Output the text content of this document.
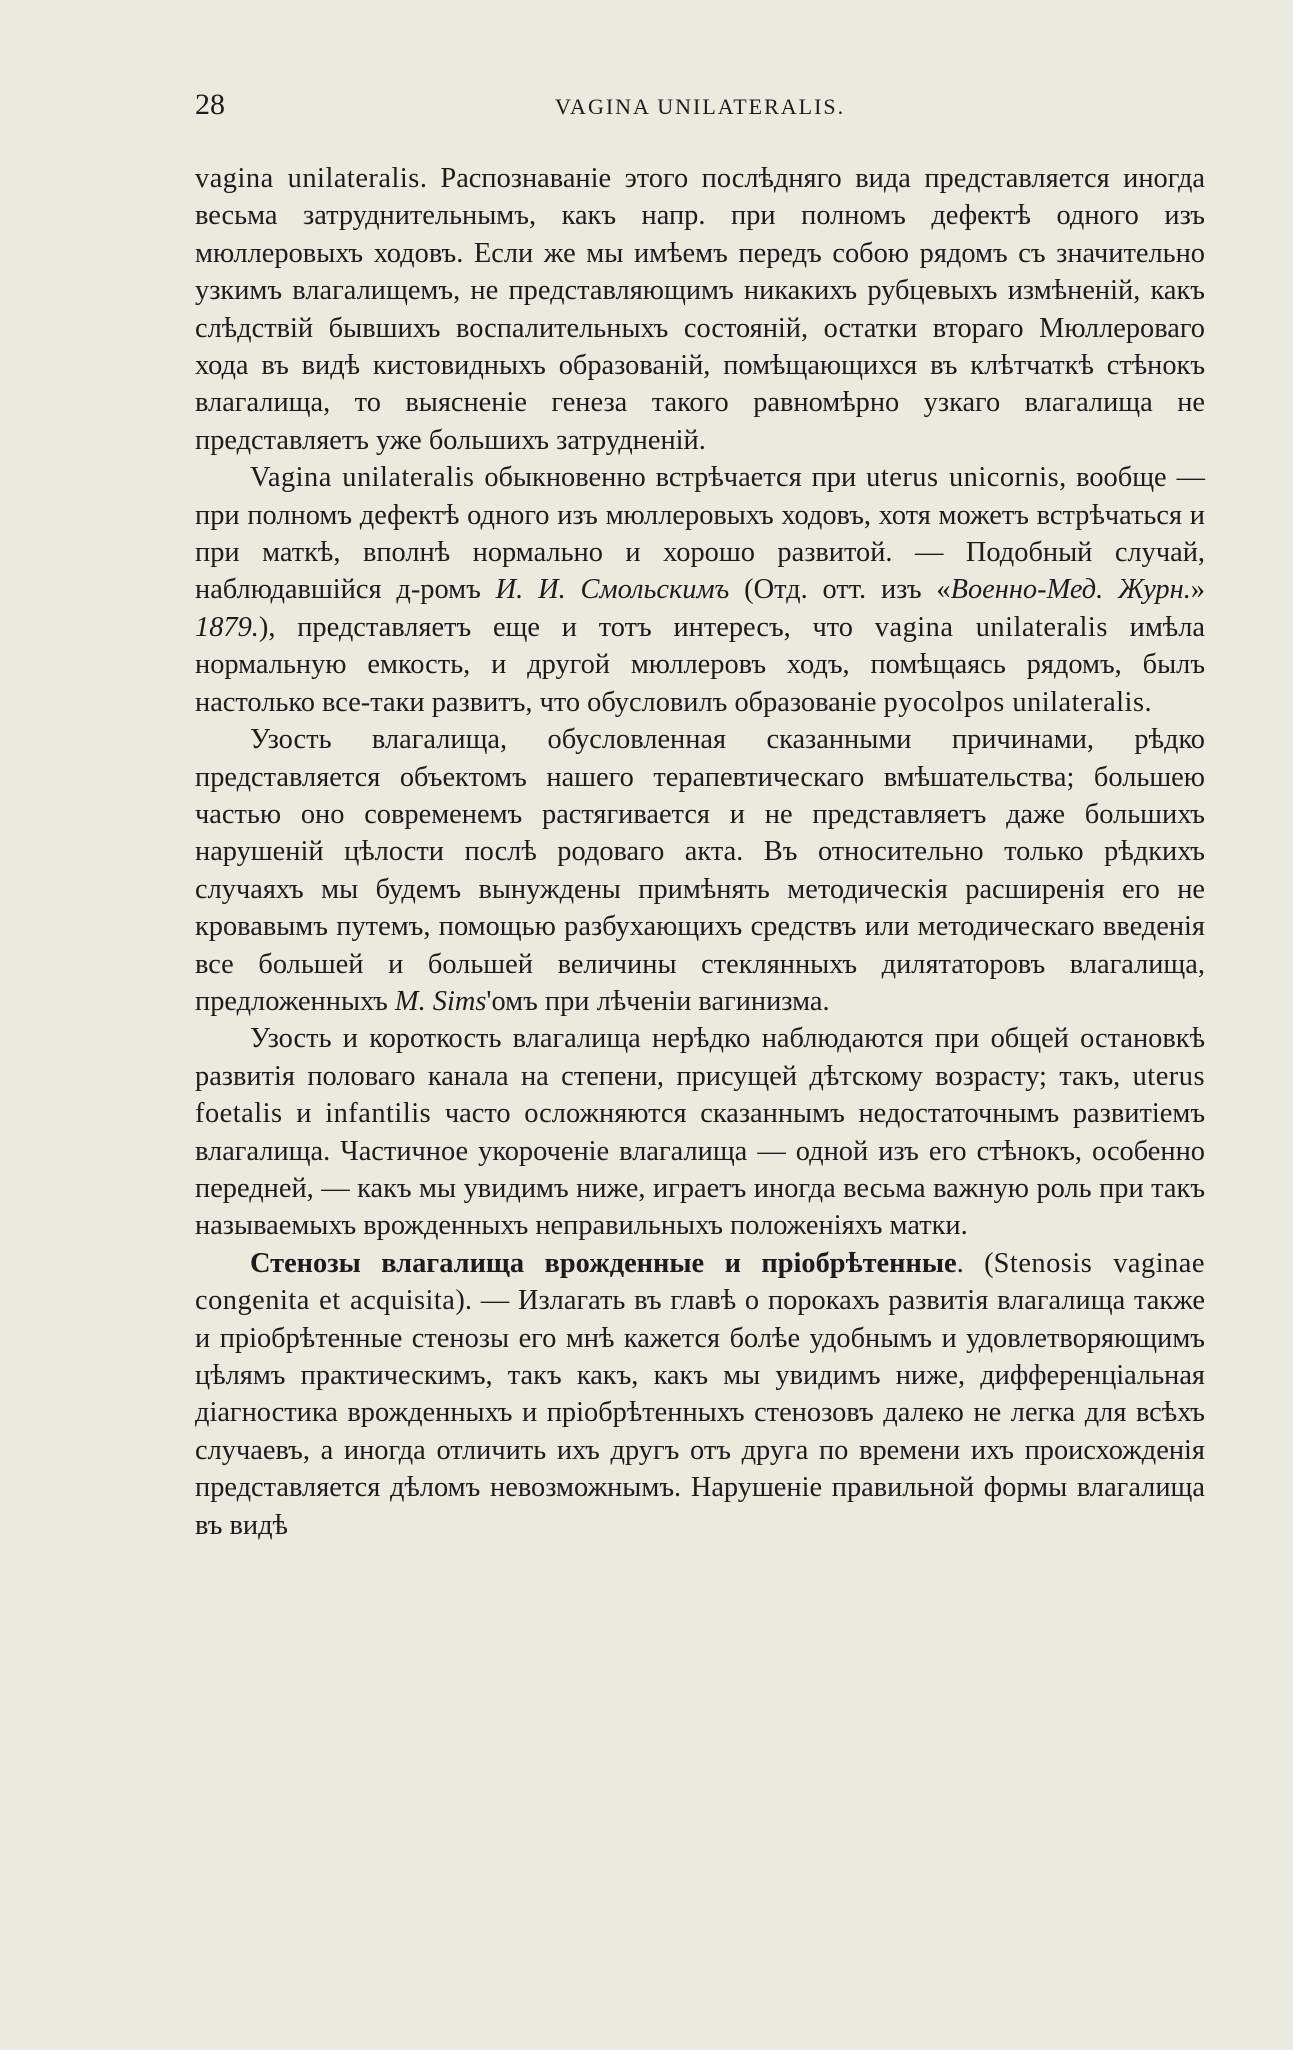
28	VAGINA UNILATERALIS.

vagina unilateralis. Распознаваніе этого послѣдняго вида представляется иногда весьма затруднительнымъ, какъ напр. при полномъ дефектѣ одного изъ мюллеровыхъ ходовъ. Если же мы имѣемъ передъ собою рядомъ съ значительно узкимъ влагалищемъ, не представляющимъ никакихъ рубцевыхъ измѣненій, какъ слѣдствій бывшихъ воспалительныхъ состояній, остатки втораго Мюллероваго хода въ видѣ кистовидныхъ образованій, помѣщающихся въ клѣтчаткѣ стѣнокъ влагалища, то выясненіе генеза такого равномѣрно узкаго влагалища не представляетъ уже большихъ затрудненій.

Vagina unilateralis обыкновенно встрѣчается при uterus unicornis, вообще — при полномъ дефектѣ одного изъ мюллеровыхъ ходовъ, хотя можетъ встрѣчаться и при маткѣ, вполнѣ нормально и хорошо развитой. — Подобный случай, наблюдавшійся д-ромъ И. И. Смольскимъ (Отд. отт. изъ «Военно-Мед. Журн.» 1879.), представляетъ еще и тотъ интересъ, что vagina unilateralis имѣла нормальную емкость, и другой мюллеровъ ходъ, помѣщаясь рядомъ, былъ настолько все-таки развитъ, что обусловилъ образованіе pyocolpos unilateralis.

Узость влагалища, обусловленная сказанными причинами, рѣдко представляется объектомъ нашего терапевтическаго вмѣшательства; большею частью оно современемъ растягивается и не представляетъ даже большихъ нарушеній цѣлости послѣ родоваго акта. Въ относительно только рѣдкихъ случаяхъ мы будемъ вынуждены примѣнять методическія расширенія его не кровавымъ путемъ, помощью разбухающихъ средствъ или методическаго введенія все большей и большей величины стеклянныхъ дилятаторовъ влагалища, предложенныхъ M. Sims'омъ при лѣченіи вагинизма.

Узость и короткость влагалища нерѣдко наблюдаются при общей остановкѣ развитія половаго канала на степени, присущей дѣтскому возрасту; такъ, uterus foetalis и infantilis часто осложняются сказаннымъ недостаточнымъ развитіемъ влагалища. Частичное укороченіе влагалища — одной изъ его стѣнокъ, особенно передней, — какъ мы увидимъ ниже, играетъ иногда весьма важную роль при такъ называемыхъ врожденныхъ неправильныхъ положеніяхъ матки.

Стенозы влагалища врожденные и пріобрѣтенные. (Stenosis vaginae congenita et acquisita). — Излагать въ главѣ о порокахъ развитія влагалища также и пріобрѣтенные стенозы его мнѣ кажется болѣе удобнымъ и удовлетворяющимъ цѣлямъ практическимъ, такъ какъ, какъ мы увидимъ ниже, дифференціальная діагностика врожденныхъ и пріобрѣтенныхъ стенозовъ далеко не легка для всѣхъ случаевъ, а иногда отличить ихъ другъ отъ друга по времени ихъ происхожденія представляется дѣломъ невозможнымъ. Нарушеніе правильной формы влагалища въ видѣ
